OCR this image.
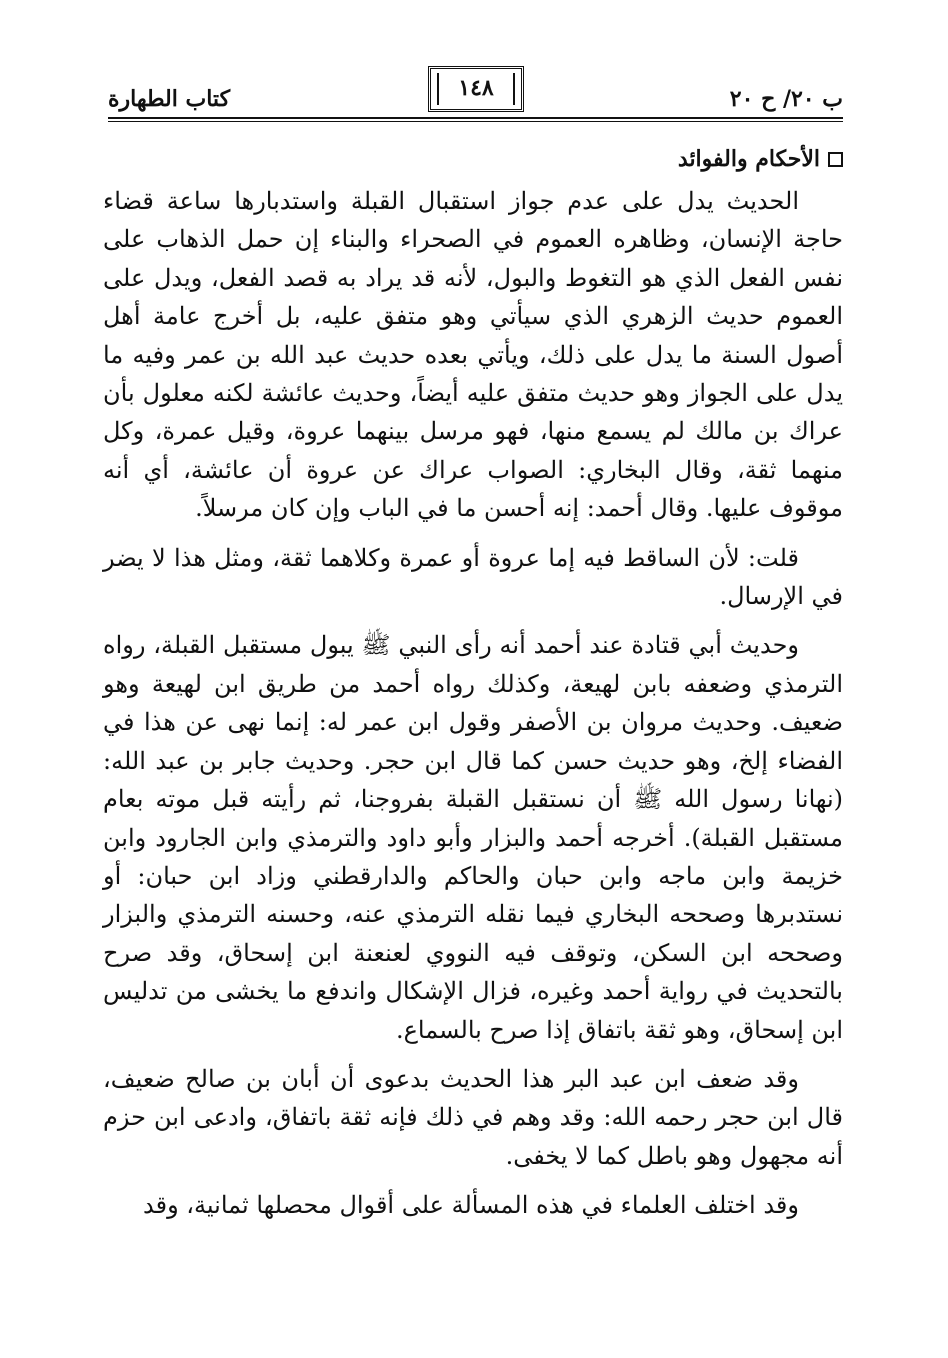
ب ٢٠/ ح ٢٠
١٤٨
كتاب الطهارة
الأحكام والفوائد

الحديث يدل على عدم جواز استقبال القبلة واستدبارها ساعة قضاء حاجة الإنسان، وظاهره العموم في الصحراء والبناء إن حمل الذهاب على نفس الفعل الذي هو التغوط والبول، لأنه قد يراد به قصد الفعل، ويدل على العموم حديث الزهري الذي سيأتي وهو متفق عليه، بل أخرج عامة أهل أصول السنة ما يدل على ذلك، ويأتي بعده حديث عبد الله بن عمر وفيه ما يدل على الجواز وهو حديث متفق عليه أيضاً، وحديث عائشة لكنه معلول بأن عراك بن مالك لم يسمع منها، فهو مرسل بينهما عروة، وقيل عمرة، وكل منهما ثقة، وقال البخاري: الصواب عراك عن عروة أن عائشة، أي أنه موقوف عليها. وقال أحمد: إنه أحسن ما في الباب وإن كان مرسلاً.

قلت: لأن الساقط فيه إما عروة أو عمرة وكلاهما ثقة، ومثل هذا لا يضر في الإرسال.

وحديث أبي قتادة عند أحمد أنه رأى النبي ﷺ يبول مستقبل القبلة، رواه الترمذي وضعفه بابن لهيعة، وكذلك رواه أحمد من طريق ابن لهيعة وهو ضعيف. وحديث مروان بن الأصفر وقول ابن عمر له: إنما نهى عن هذا في الفضاء إلخ، وهو حديث حسن كما قال ابن حجر. وحديث جابر بن عبد الله: (نهانا رسول الله ﷺ أن نستقبل القبلة بفروجنا، ثم رأيته قبل موته بعام مستقبل القبلة). أخرجه أحمد والبزار وأبو داود والترمذي وابن الجارود وابن خزيمة وابن ماجه وابن حبان والحاكم والدارقطني وزاد ابن حبان: أو نستدبرها وصححه البخاري فيما نقله الترمذي عنه، وحسنه الترمذي والبزار وصححه ابن السكن، وتوقف فيه النووي لعنعنة ابن إسحاق، وقد صرح بالتحديث في رواية أحمد وغيره، فزال الإشكال واندفع ما يخشى من تدليس ابن إسحاق، وهو ثقة باتفاق إذا صرح بالسماع.

وقد ضعف ابن عبد البر هذا الحديث بدعوى أن أبان بن صالح ضعيف، قال ابن حجر رحمه الله: وقد وهم في ذلك فإنه ثقة باتفاق، وادعى ابن حزم أنه مجهول وهو باطل كما لا يخفى.

وقد اختلف العلماء في هذه المسألة على أقوال محصلها ثمانية، وقد
